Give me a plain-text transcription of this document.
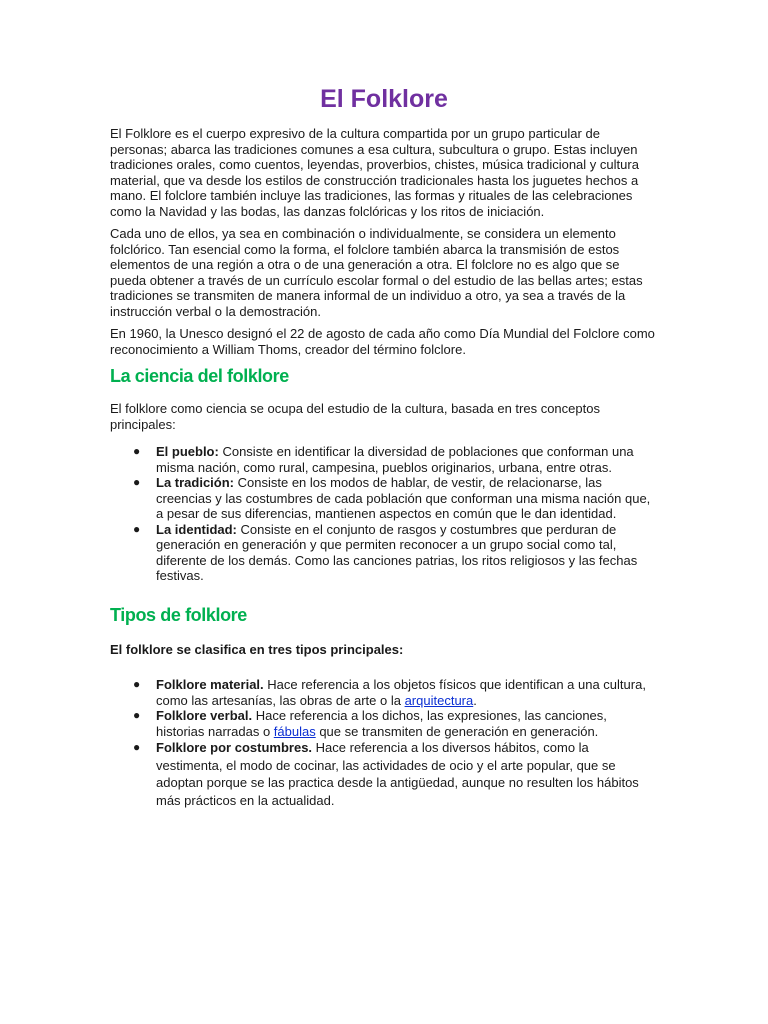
El Folklore

El Folklore es el cuerpo expresivo de la cultura compartida por un grupo particular de personas; abarca las tradiciones comunes a esa cultura, subcultura o grupo. Estas incluyen tradiciones orales, como cuentos, leyendas, proverbios, chistes, música tradicional y cultura material, que va desde los estilos de construcción tradicionales hasta los juguetes hechos a mano. El folclore también incluye las tradiciones, las formas y rituales de las celebraciones como la Navidad y las bodas, las danzas folclóricas y los ritos de iniciación.

Cada uno de ellos, ya sea en combinación o individualmente, se considera un elemento folclórico. Tan esencial como la forma, el folclore también abarca la transmisión de estos elementos de una región a otra o de una generación a otra. El folclore no es algo que se pueda obtener a través de un currículo escolar formal o del estudio de las bellas artes; estas tradiciones se transmiten de manera informal de un individuo a otro, ya sea a través de la instrucción verbal o la demostración.

En 1960, la Unesco designó el 22 de agosto de cada año como Día Mundial del Folclore como reconocimiento a William Thoms, creador del término folclore.

La ciencia del folklore

El folklore como ciencia se ocupa del estudio de la cultura, basada en tres conceptos principales:

● El pueblo: Consiste en identificar la diversidad de poblaciones que conforman una misma nación, como rural, campesina, pueblos originarios, urbana, entre otras.
● La tradición: Consiste en los modos de hablar, de vestir, de relacionarse, las creencias y las costumbres de cada población que conforman una misma nación que, a pesar de sus diferencias, mantienen aspectos en común que le dan identidad.
● La identidad: Consiste en el conjunto de rasgos y costumbres que perduran de generación en generación y que permiten reconocer a un grupo social como tal, diferente de los demás. Como las canciones patrias, los ritos religiosos y las fechas festivas.
Tipos de folklore

El folklore se clasifica en tres tipos principales:

● Folklore material. Hace referencia a los objetos físicos que identifican a una cultura, como las artesanías, las obras de arte o la arquitectura.
● Folklore verbal. Hace referencia a los dichos, las expresiones, las canciones, historias narradas o fábulas que se transmiten de generación en generación.
● Folklore por costumbres. Hace referencia a los diversos hábitos, como la vestimenta, el modo de cocinar, las actividades de ocio y el arte popular, que se adoptan porque se las practica desde la antigüedad, aunque no resulten los hábitos más prácticos en la actualidad.
